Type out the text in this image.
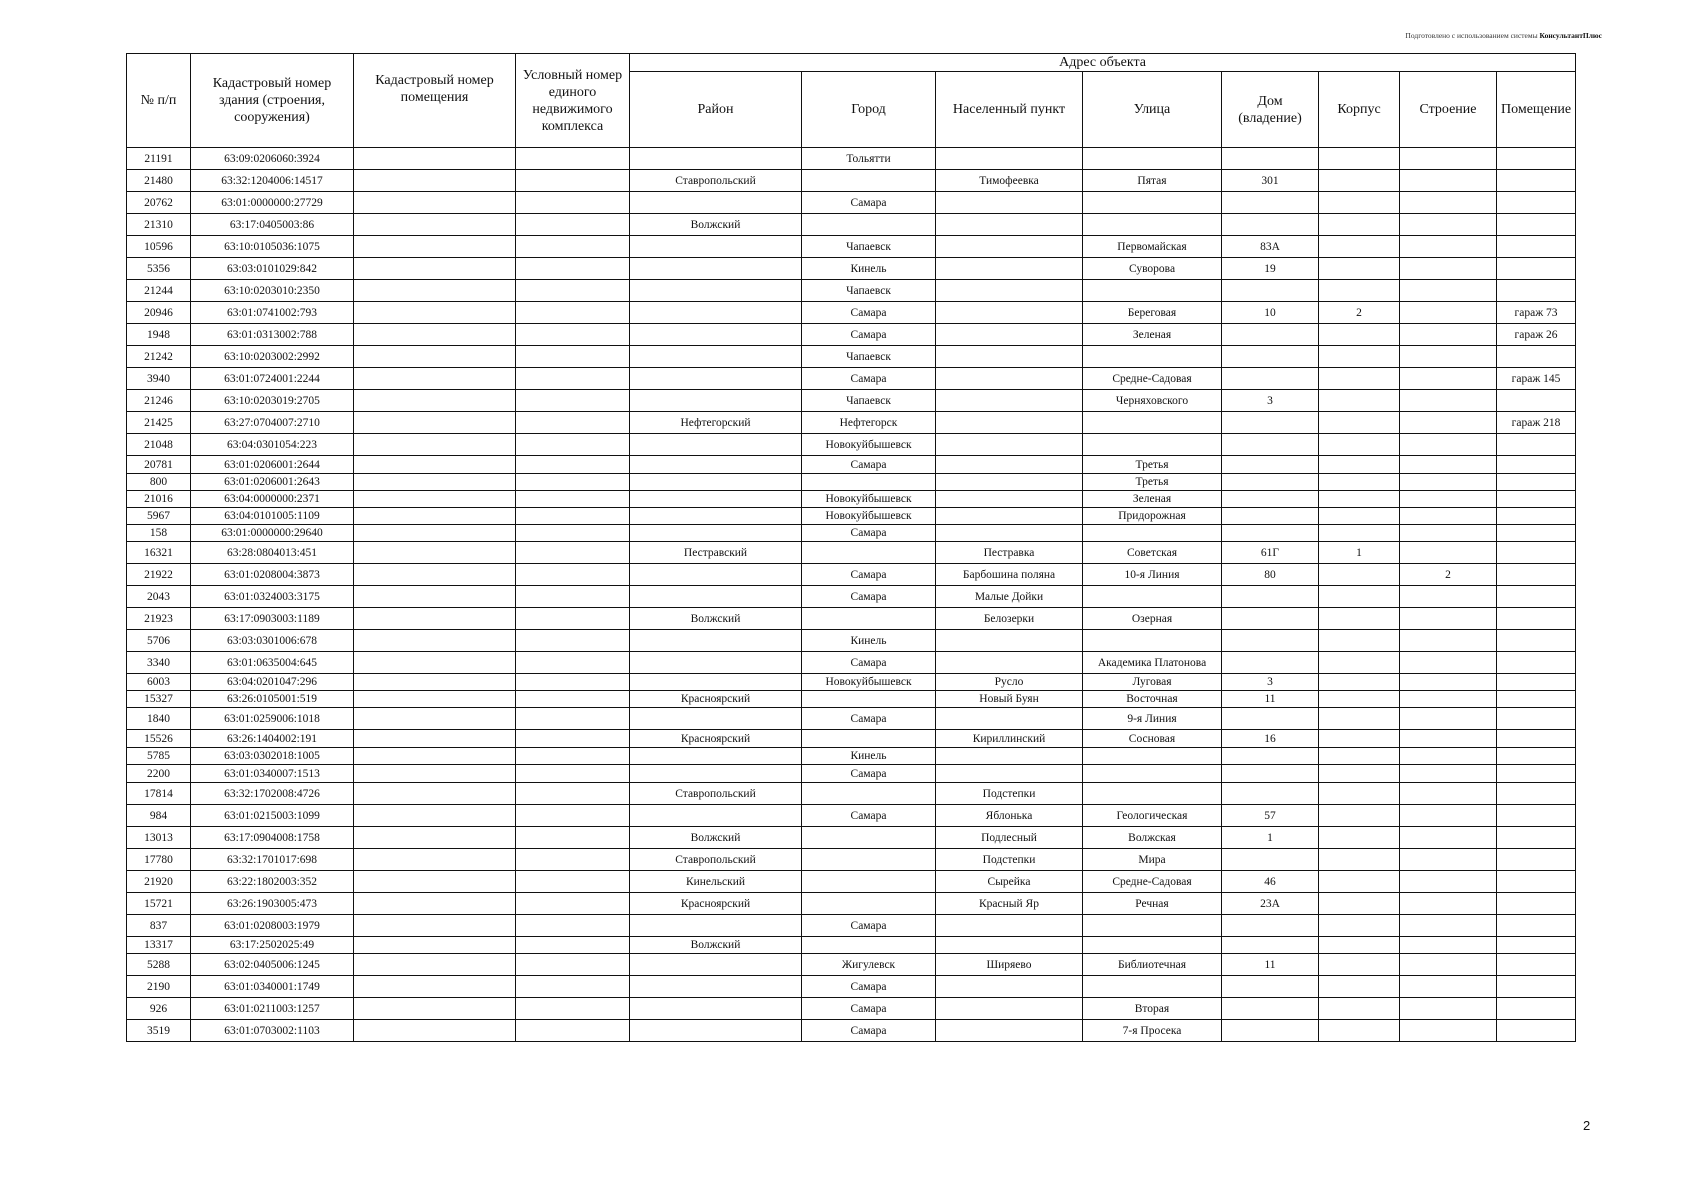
Подготовлено с использованием системы КонсультантПлюс
№ п/п	Кадастровый номер здания (строения, сооружения)	Кадастровый номер помещения	Условный номер единого недвижимого комплекса	Адрес объекта							
				Район	Город	Населенный пункт	Улица	Дом (владение)	Корпус	Строение	Помещение
21191	63:09:0206060:3924				Тольятти						
21480	63:32:1204006:14517			Ставропольский		Тимофеевка	Пятая	301			
20762	63:01:0000000:27729				Самара						
21310	63:17:0405003:86			Волжский							
10596	63:10:0105036:1075				Чапаевск		Первомайская	83А			
5356	63:03:0101029:842				Кинель		Суворова	19			
21244	63:10:0203010:2350				Чапаевск						
20946	63:01:0741002:793				Самара		Береговая	10	2		гараж 73
1948	63:01:0313002:788				Самара		Зеленая				гараж 26
21242	63:10:0203002:2992				Чапаевск						
3940	63:01:0724001:2244				Самара		Средне-Садовая				гараж 145
21246	63:10:0203019:2705				Чапаевск		Черняховского	3			
21425	63:27:0704007:2710			Нефтегорский	Нефтегорск						гараж 218
21048	63:04:0301054:223				Новокуйбышевск						
20781	63:01:0206001:2644				Самара		Третья				
800	63:01:0206001:2643						Третья				
21016	63:04:0000000:2371				Новокуйбышевск		Зеленая				
5967	63:04:0101005:1109				Новокуйбышевск		Придорожная				
158	63:01:0000000:29640				Самара						
16321	63:28:0804013:451			Пестравский		Пестравка	Советская	61Г	1		
21922	63:01:0208004:3873				Самара	Барбошина поляна	10-я Линия	80		2	
2043	63:01:0324003:3175				Самара	Малые Дойки					
21923	63:17:0903003:1189			Волжский		Белозерки	Озерная				
5706	63:03:0301006:678				Кинель						
3340	63:01:0635004:645				Самара		Академика Платонова				
6003	63:04:0201047:296				Новокуйбышевск	Русло	Луговая	3			
15327	63:26:0105001:519			Красноярский		Новый Буян	Восточная	11			
1840	63:01:0259006:1018				Самара		9-я Линия				
15526	63:26:1404002:191			Красноярский		Кириллинский	Сосновая	16			
5785	63:03:0302018:1005				Кинель						
2200	63:01:0340007:1513				Самара						
17814	63:32:1702008:4726			Ставропольский		Подстепки					
984	63:01:0215003:1099				Самара	Яблонька	Геологическая	57			
13013	63:17:0904008:1758			Волжский		Подлесный	Волжская	1			
17780	63:32:1701017:698			Ставропольский		Подстепки	Мира				
21920	63:22:1802003:352			Кинельский		Сырейка	Средне-Садовая	46			
15721	63:26:1903005:473			Красноярский		Красный Яр	Речная	23А			
837	63:01:0208003:1979				Самара						
13317	63:17:2502025:49			Волжский							
5288	63:02:0405006:1245				Жигулевск	Ширяево	Библиотечная	11			
2190	63:01:0340001:1749				Самара						
926	63:01:0211003:1257				Самара		Вторая				
3519	63:01:0703002:1103				Самара		7-я Просека				
2
